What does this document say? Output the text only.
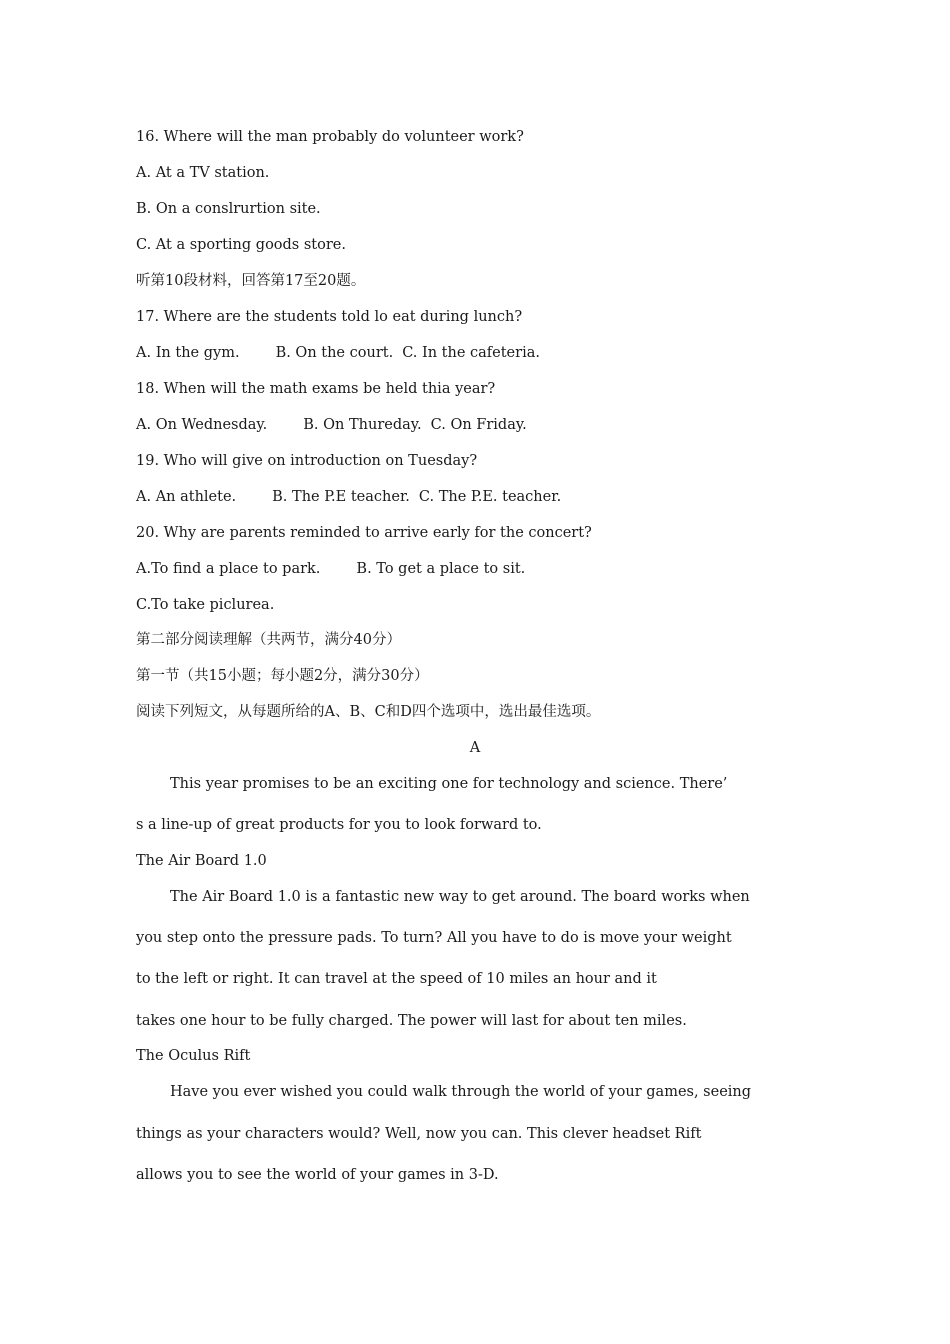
16. Where will the man probably do volunteer work?
A. At a TV station.
B. On a conslrurtion site.
C. At a sporting goods store.
听第10段材料，回答第17至20题。
17. Where are the students told lo eat during lunch?
A. In the gym. B. On the court. C. In the cafeteria.
18. When will the math exams be held thia year?
A. On Wednesday. B. On Thureday. C. On Friday.
19. Who will give on introduction on Tuesday?
A. An athlete. B. The P.E teacher. C. The P.E. teacher.
20. Why are parents reminded to arrive early for the concert?
A.To find a place to park. B. To get a place to sit.
C.To take piclurea.
第二部分阅读理解（共两节，满分40分）
第一节（共15小题；每小题2分，满分30分）
阅读下列短文，从每题所给的A、B、C和D四个选项中，选出最佳选项。
A
This year promises to be an exciting one for technology and science. There’
s a line-up of great products for you to look forward to.
The Air Board 1.0
The Air Board 1.0 is a fantastic new way to get around. The board works when
you step onto the pressure pads. To turn? All you have to do is move your weight
to the left or right. It can travel at the speed of 10 miles an hour and it
takes one hour to be fully charged. The power will last for about ten miles.
The Oculus Rift
Have you ever wished you could walk through the world of your games, seeing
things as your characters would? Well, now you can. This clever headset Rift
allows you to see the world of your games in 3-D.
